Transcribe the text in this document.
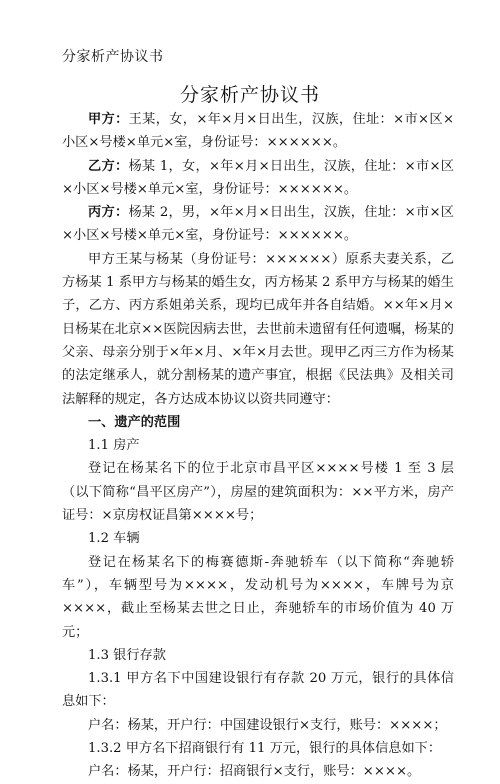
分家析产协议书
分家析产协议书

甲方：王某，女，×年×月×日出生，汉族，住址：×市×区×小区×号楼×单元×室，身份证号：××××××。

乙方：杨某 1，女，×年×月×日出生，汉族，住址：×市×区×小区×号楼×单元×室，身份证号：××××××。

丙方：杨某 2，男，×年×月×日出生，汉族，住址：×市×区×小区×号楼×单元×室，身份证号：××××××。

甲方王某与杨某（身份证号：××××××）原系夫妻关系，乙方杨某 1 系甲方与杨某的婚生女，丙方杨某 2 系甲方与杨某的婚生子，乙方、丙方系姐弟关系，现均已成年并各自结婚。××年×月×日杨某在北京××医院因病去世，去世前未遗留有任何遗嘱，杨某的父亲、母亲分别于×年×月、×年×月去世。现甲乙丙三方作为杨某的法定继承人，就分割杨某的遗产事宜，根据《民法典》及相关司法解释的规定，各方达成本协议以资共同遵守：

一、遗产的范围

1.1 房产

登记在杨某名下的位于北京市昌平区××××号楼 1 至 3 层（以下简称“昌平区房产”），房屋的建筑面积为：××平方米，房产证号：×京房权证昌第××××号；

1.2 车辆

登记在杨某名下的梅赛德斯-奔驰轿车（以下简称“奔驰轿车”），车辆型号为××××，发动机号为××××，车牌号为京××××，截止至杨某去世之日止，奔驰轿车的市场价值为 40 万元；

1.3 银行存款

1.3.1 甲方名下中国建设银行有存款 20 万元，银行的具体信息如下：

户名：杨某，开户行：中国建设银行×支行，账号：××××；

1.3.2 甲方名下招商银行有 11 万元，银行的具体信息如下：

户名：杨某，开户行：招商银行×支行，账号：××××。
